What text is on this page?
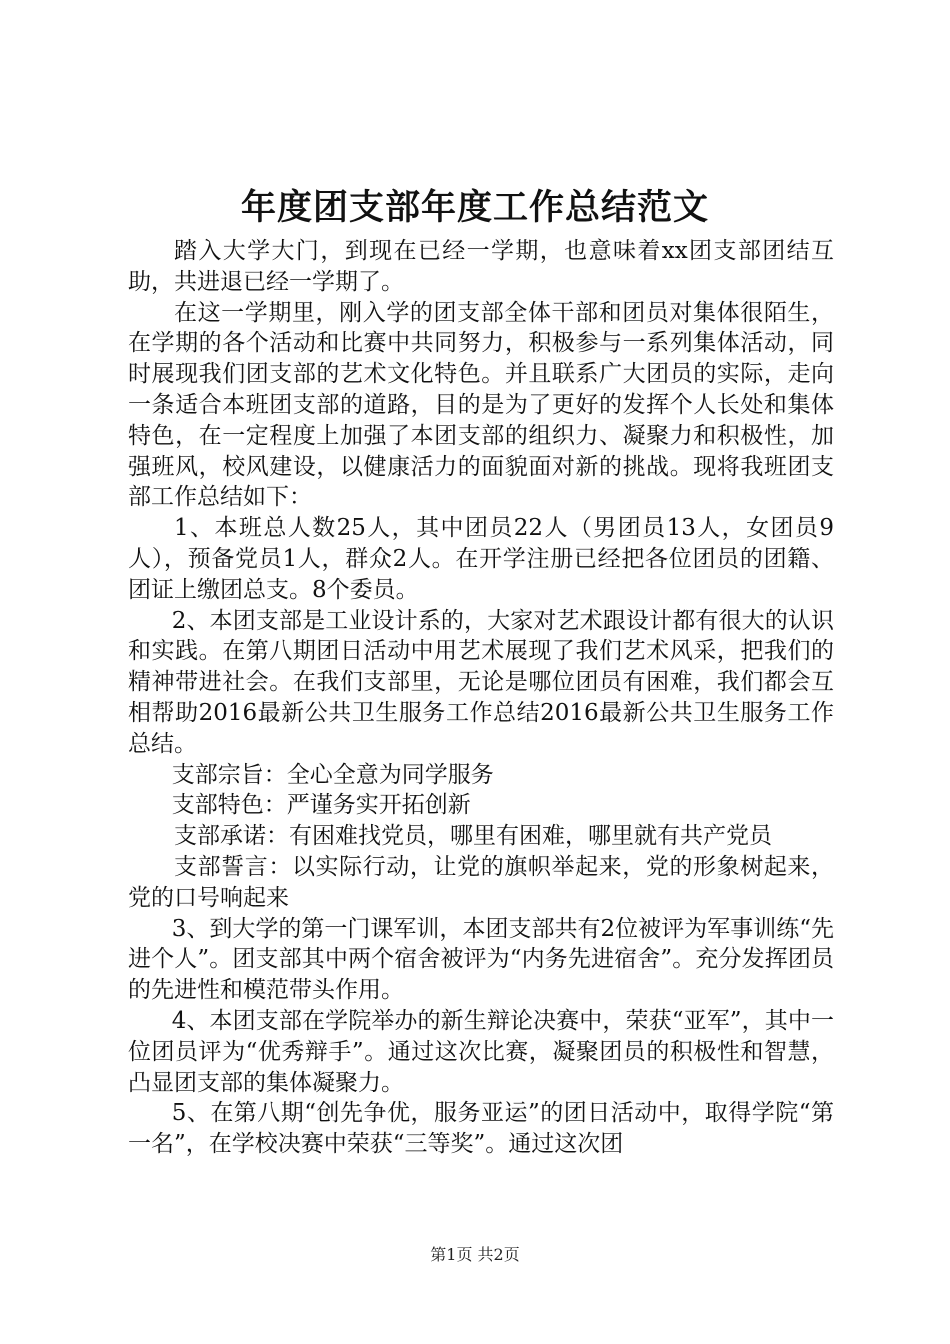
年度团支部年度工作总结范文

踏入大学大门，到现在已经一学期，也意味着xx团支部团结互助，共进退已经一学期了。

在这一学期里，刚入学的团支部全体干部和团员对集体很陌生，在学期的各个活动和比赛中共同努力，积极参与一系列集体活动，同时展现我们团支部的艺术文化特色。并且联系广大团员的实际，走向一条适合本班团支部的道路，目的是为了更好的发挥个人长处和集体特色，在一定程度上加强了本团支部的组织力、凝聚力和积极性，加强班风，校风建设，以健康活力的面貌面对新的挑战。现将我班团支部工作总结如下：

1、本班总人数25人，其中团员22人（男团员13人，女团员9人），预备党员1人，群众2人。在开学注册已经把各位团员的团籍、团证上缴团总支。8个委员。

2、本团支部是工业设计系的，大家对艺术跟设计都有很大的认识和实践。在第八期团日活动中用艺术展现了我们艺术风采，把我们的精神带进社会。在我们支部里，无论是哪位团员有困难，我们都会互相帮助2016最新公共卫生服务工作总结2016最新公共卫生服务工作总结。

支部宗旨：全心全意为同学服务

支部特色：严谨务实开拓创新

支部承诺：有困难找党员，哪里有困难，哪里就有共产党员

支部誓言：以实际行动，让党的旗帜举起来，党的形象树起来，党的口号响起来

3、到大学的第一门课军训，本团支部共有2位被评为军事训练“先进个人”。团支部其中两个宿舍被评为“内务先进宿舍”。充分发挥团员的先进性和模范带头作用。

4、本团支部在学院举办的新生辩论决赛中，荣获“亚军”，其中一位团员评为“优秀辩手”。通过这次比赛，凝聚团员的积极性和智慧，凸显团支部的集体凝聚力。

5、在第八期“创先争优，服务亚运”的团日活动中，取得学院“第一名”，在学校决赛中荣获“三等奖”。通过这次团

第1页 共2页
